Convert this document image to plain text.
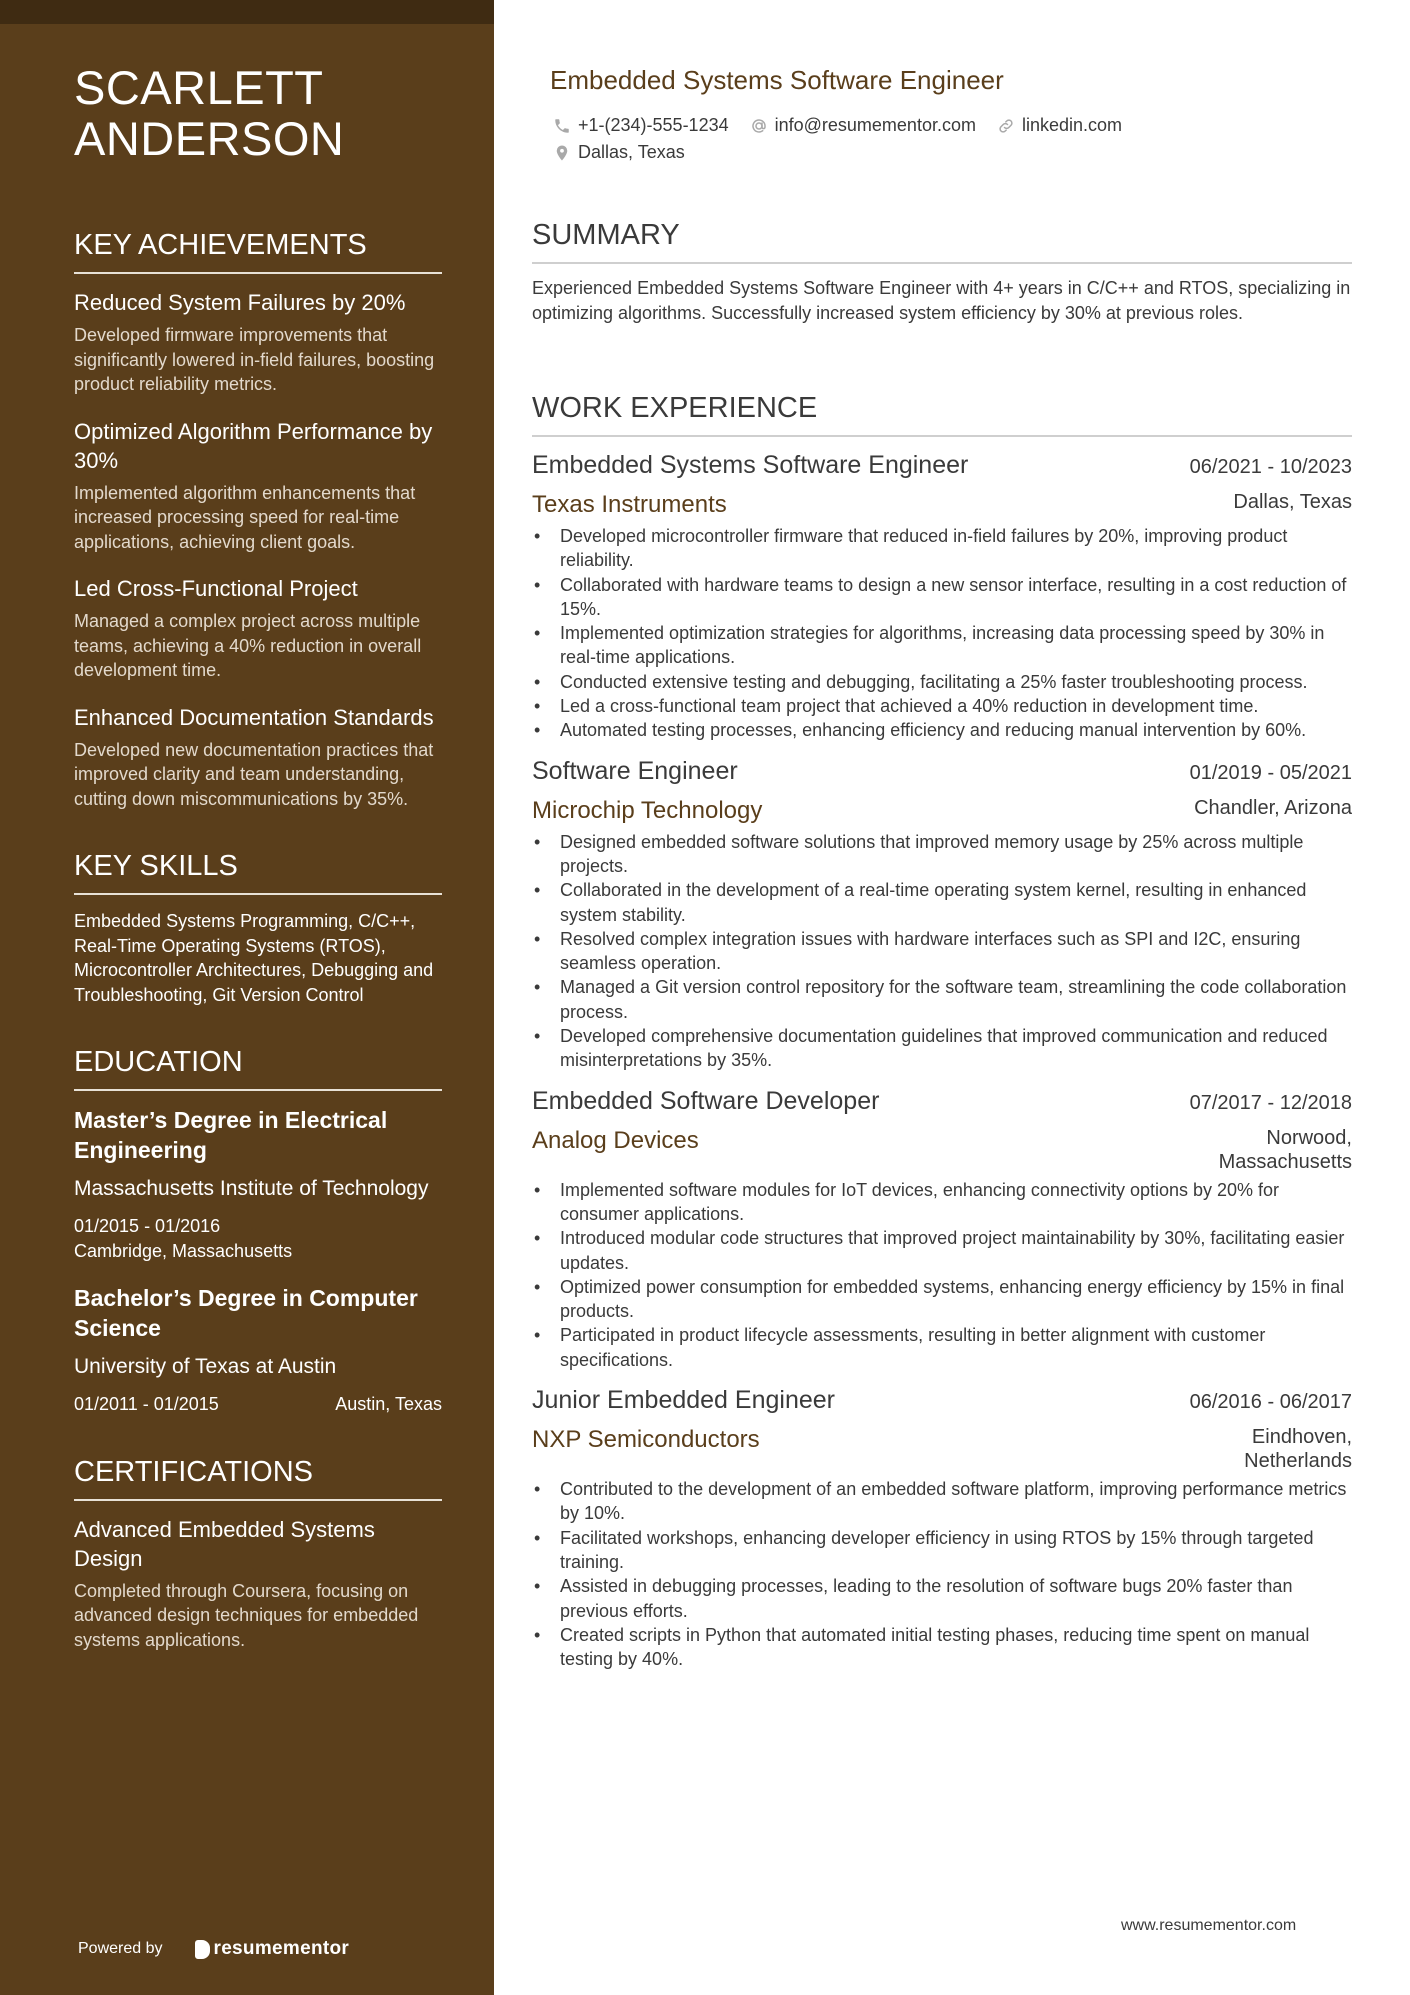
SCARLETT
ANDERSON
KEY ACHIEVEMENTS
Reduced System Failures by 20%
Developed firmware improvements that significantly lowered in-field failures, boosting product reliability metrics.
Optimized Algorithm Performance by 30%
Implemented algorithm enhancements that increased processing speed for real-time applications, achieving client goals.
Led Cross-Functional Project
Managed a complex project across multiple teams, achieving a 40% reduction in overall development time.
Enhanced Documentation Standards
Developed new documentation practices that improved clarity and team understanding, cutting down miscommunications by 35%.
KEY SKILLS
Embedded Systems Programming, C/C++, Real-Time Operating Systems (RTOS), Microcontroller Architectures, Debugging and Troubleshooting, Git Version Control
EDUCATION
Master’s Degree in Electrical Engineering
Massachusetts Institute of Technology
01/2015 - 01/2016
Cambridge, Massachusetts
Bachelor’s Degree in Computer Science
University of Texas at Austin
01/2011 - 01/2015	Austin, Texas
CERTIFICATIONS
Advanced Embedded Systems Design
Completed through Coursera, focusing on advanced design techniques for embedded systems applications.
Powered by	resumementor
Embedded Systems Software Engineer
+1-(234)-555-1234	info@resumementor.com	linkedin.com
Dallas, Texas
SUMMARY
Experienced Embedded Systems Software Engineer with 4+ years in C/C++ and RTOS, specializing in optimizing algorithms. Successfully increased system efficiency by 30% at previous roles.
WORK EXPERIENCE
Embedded Systems Software Engineer	06/2021 - 10/2023
Texas Instruments	Dallas, Texas
• Developed microcontroller firmware that reduced in-field failures by 20%, improving product reliability.
• Collaborated with hardware teams to design a new sensor interface, resulting in a cost reduction of 15%.
• Implemented optimization strategies for algorithms, increasing data processing speed by 30% in real-time applications.
• Conducted extensive testing and debugging, facilitating a 25% faster troubleshooting process.
• Led a cross-functional team project that achieved a 40% reduction in development time.
• Automated testing processes, enhancing efficiency and reducing manual intervention by 60%.
Software Engineer	01/2019 - 05/2021
Microchip Technology	Chandler, Arizona
• Designed embedded software solutions that improved memory usage by 25% across multiple projects.
• Collaborated in the development of a real-time operating system kernel, resulting in enhanced system stability.
• Resolved complex integration issues with hardware interfaces such as SPI and I2C, ensuring seamless operation.
• Managed a Git version control repository for the software team, streamlining the code collaboration process.
• Developed comprehensive documentation guidelines that improved communication and reduced misinterpretations by 35%.
Embedded Software Developer	07/2017 - 12/2018
Analog Devices	Norwood,
Massachusetts
• Implemented software modules for IoT devices, enhancing connectivity options by 20% for consumer applications.
• Introduced modular code structures that improved project maintainability by 30%, facilitating easier updates.
• Optimized power consumption for embedded systems, enhancing energy efficiency by 15% in final products.
• Participated in product lifecycle assessments, resulting in better alignment with customer specifications.
Junior Embedded Engineer	06/2016 - 06/2017
NXP Semiconductors	Eindhoven,
Netherlands
• Contributed to the development of an embedded software platform, improving performance metrics by 10%.
• Facilitated workshops, enhancing developer efficiency in using RTOS by 15% through targeted training.
• Assisted in debugging processes, leading to the resolution of software bugs 20% faster than previous efforts.
• Created scripts in Python that automated initial testing phases, reducing time spent on manual testing by 40%.
www.resumementor.com
